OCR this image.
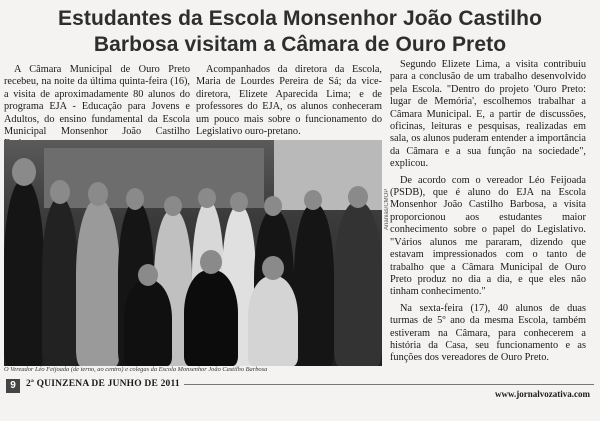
Estudantes da Escola Monsenhor João Castilho
Barbosa visitam a Câmara de Ouro Preto

A Câmara Municipal de Ouro Preto recebeu, na noite da última quinta-feira (16), a visita de aproximadamente 80 alunos do programa EJA - Educação para Jovens e Adultos, do ensino fundamental da Escola Municipal Monsenhor João Castilho

Acompanhados da diretora da Escola, Maria de Lourdes Pereira de Sá; da vice-diretora, Elizete Aparecida Lima; e de professores do EJA, os alunos conheceram um pouco mais sobre o funcionamento do Legislativo ouro-pretano.

Segundo Elizete Lima, a visita contribuiu para a conclusão de um trabalho desenvolvido pela Escola. "Dentro do projeto 'Ouro Preto: lugar de Memória', escolhemos trabalhar a Câmara Municipal. E, a partir de discussões, oficinas, leituras e pesquisas, realizadas em sala, os alunos puderam entender a importância da Câmara e a sua função na sociedade", explicou.

De acordo com o vereador Léo Feijoada (PSDB), que é aluno do EJA na Escola Monsenhor João Castilho Barbosa, a visita proporcionou aos estudantes maior conhecimento sobre o papel do Legislativo. "Vários alunos me pararam, dizendo que estavam impressionados com o tanto de trabalho que a Câmara Municipal de Ouro Preto produz no dia a dia, e que eles não tinham conhecimento."

Na sexta-feira (17), 40 alunos de duas turmas de 5º ano da mesma Escola, também estiveram na Câmara, para conhecerem a história da Casa, seu funcionamento e as funções dos vereadores de Ouro Preto.

Ananias/CMOP
O Vereador Léo Feijoada (de terno, ao centro) e colegas da Escola Monsenhor João Castilho Barbosa
9	2ª QUINZENA DE JUNHO DE 2011
www.jornalvozativa.com
